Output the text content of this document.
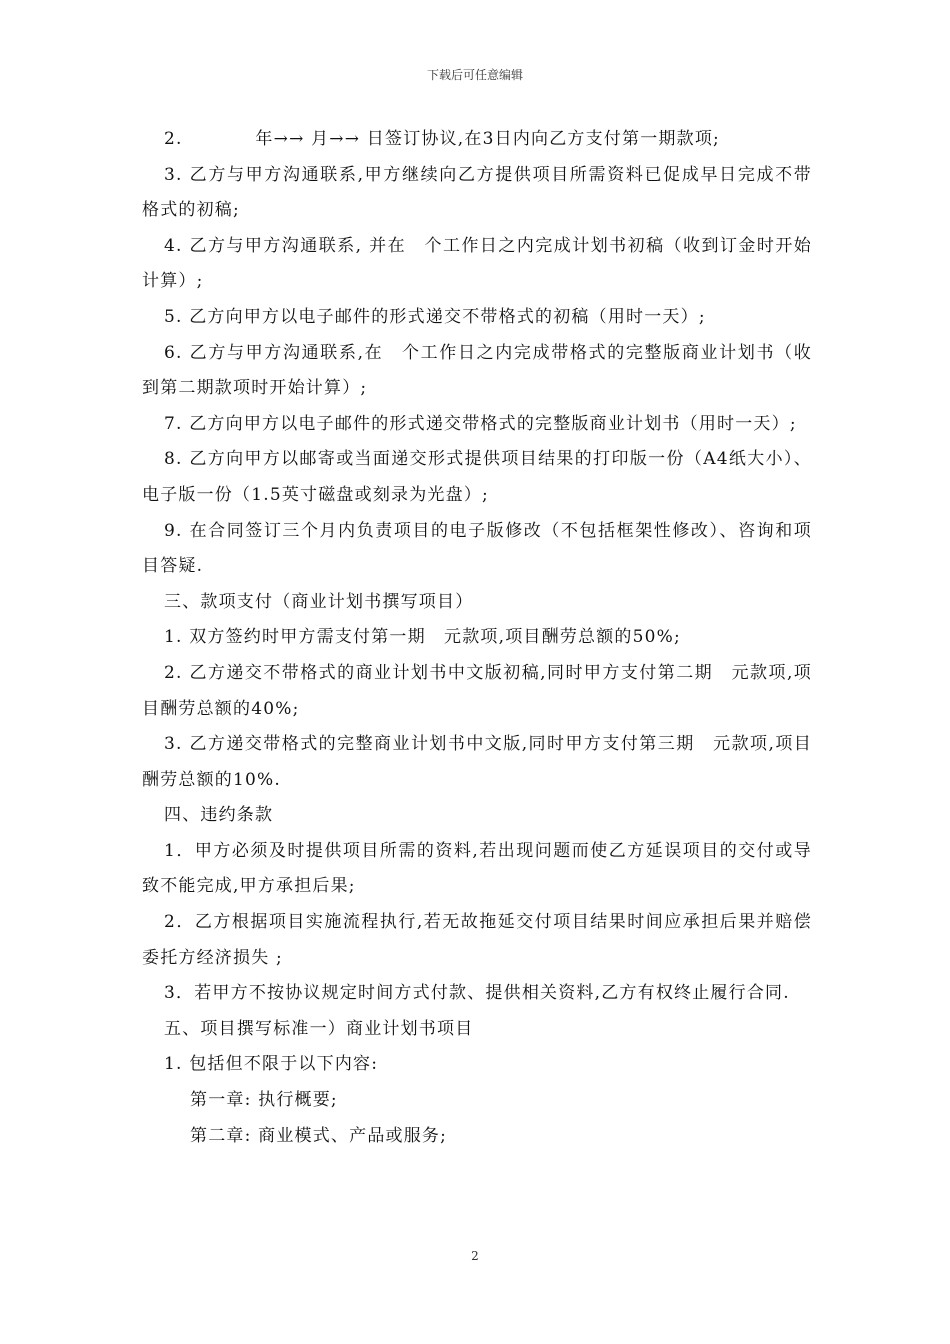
下载后可任意编辑

2.　　　　年→→ 月→→ 日签订协议,在3日内向乙方支付第一期款项;

3. 乙方与甲方沟通联系,甲方继续向乙方提供项目所需资料已促成早日完成不带格式的初稿;

4. 乙方与甲方沟通联系, 并在　个工作日之内完成计划书初稿（收到订金时开始计算）;

5. 乙方向甲方以电子邮件的形式递交不带格式的初稿（用时一天）;

6. 乙方与甲方沟通联系,在　个工作日之内完成带格式的完整版商业计划书（收到第二期款项时开始计算）;

7. 乙方向甲方以电子邮件的形式递交带格式的完整版商业计划书（用时一天）;

8. 乙方向甲方以邮寄或当面递交形式提供项目结果的打印版一份（A4纸大小）、电子版一份（1.5英寸磁盘或刻录为光盘）;

9. 在合同签订三个月内负责项目的电子版修改（不包括框架性修改）、咨询和项目答疑.

三、款项支付（商业计划书撰写项目）

1. 双方签约时甲方需支付第一期　元款项,项目酬劳总额的50%;

2. 乙方递交不带格式的商业计划书中文版初稿,同时甲方支付第二期　元款项,项目酬劳总额的40%;

3. 乙方递交带格式的完整商业计划书中文版,同时甲方支付第三期　元款项,项目酬劳总额的10%.

四、违约条款

1．甲方必须及时提供项目所需的资料,若出现问题而使乙方延误项目的交付或导致不能完成,甲方承担后果;

2．乙方根据项目实施流程执行,若无故拖延交付项目结果时间应承担后果并赔偿委托方经济损失 ;

3．若甲方不按协议规定时间方式付款、提供相关资料,乙方有权终止履行合同.

五、项目撰写标准一）商业计划书项目

1. 包括但不限于以下内容:

第一章: 执行概要;

第二章: 商业模式、产品或服务;

2
